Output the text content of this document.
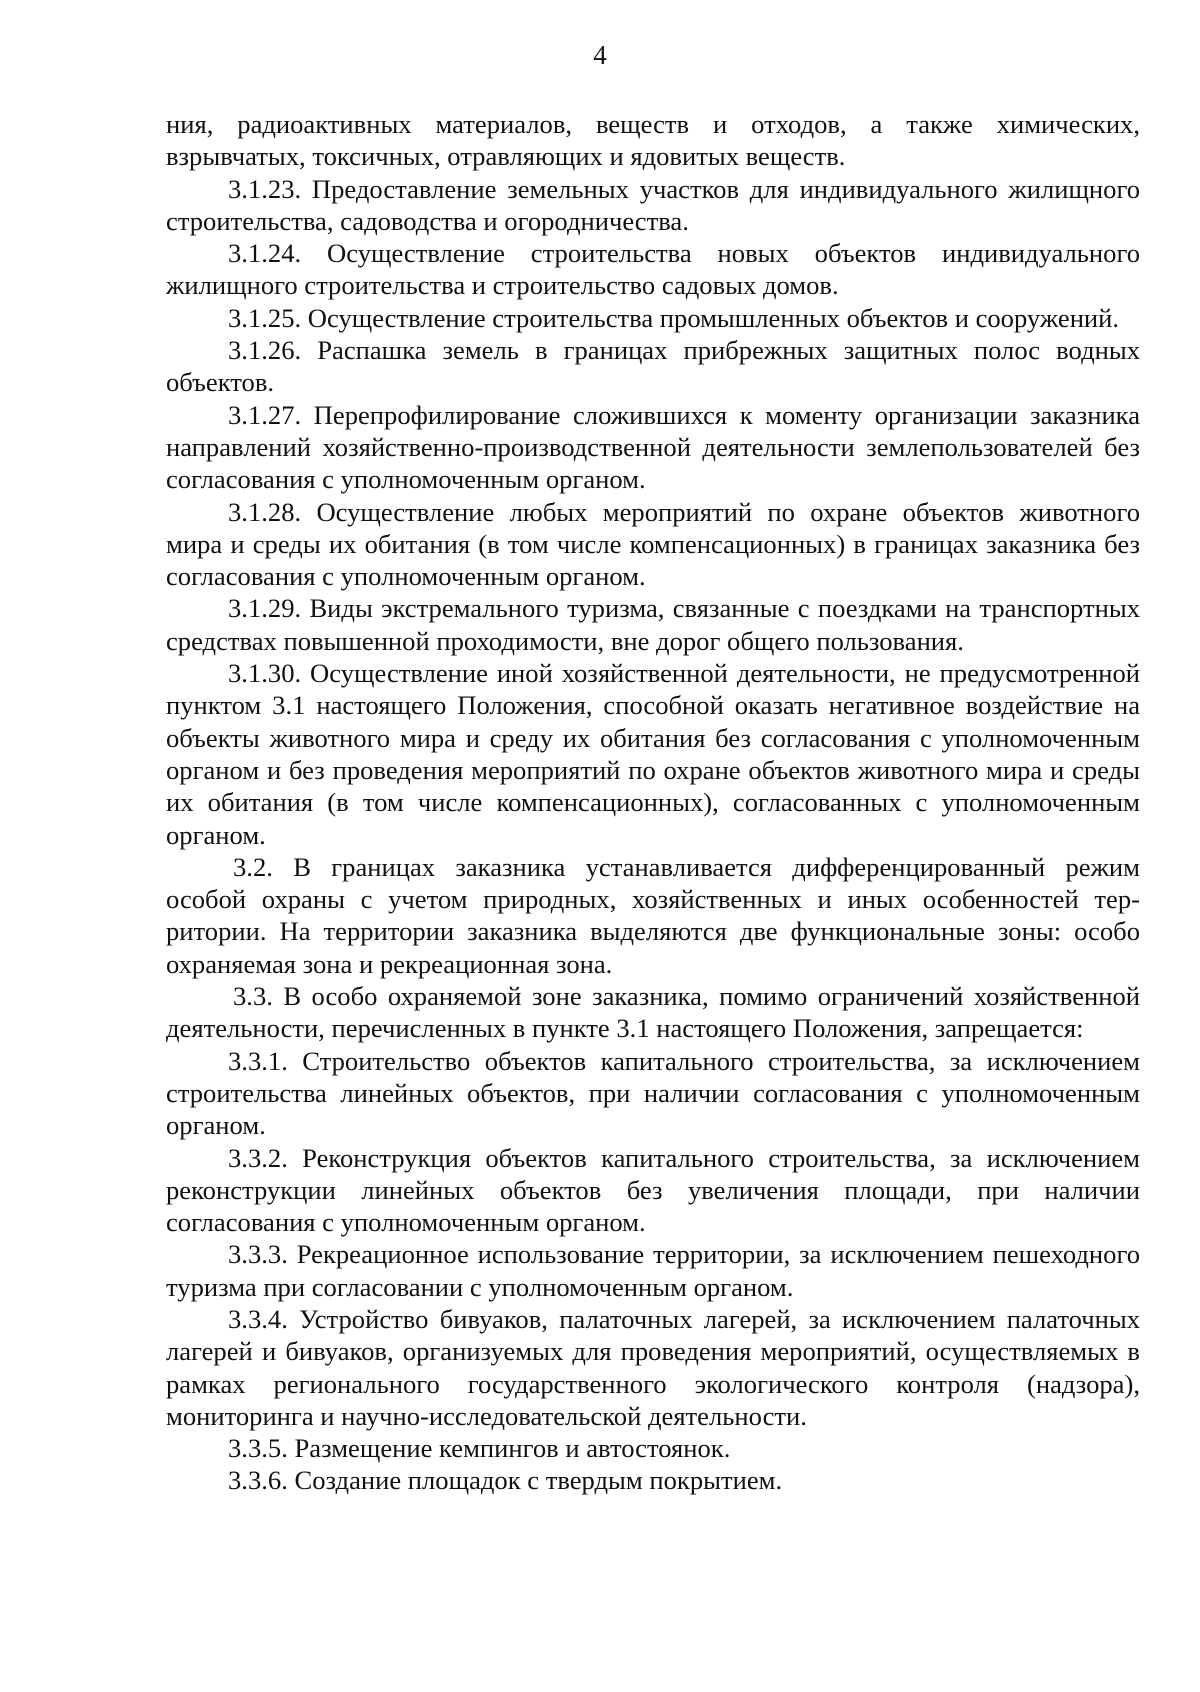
4

ния, радиоактивных материалов, веществ и отходов, а также химических, взрывчатых, токсичных, отравляющих и ядовитых веществ.

3.1.23. Предоставление земельных участков для индивидуального жилищного строительства, садоводства и огородничества.

3.1.24. Осуществление строительства новых объектов индивидуального жилищного строительства и строительство садовых домов.

3.1.25. Осуществление строительства промышленных объектов и сооружений.

3.1.26. Распашка земель в границах прибрежных защитных полос водных объектов.

3.1.27. Перепрофилирование сложившихся к моменту организации заказника направлений хозяйственно-производственной деятельности землепользователей без согласования с уполномоченным органом.

3.1.28. Осуществление любых мероприятий по охране объектов животного мира и среды их обитания (в том числе компенсационных) в границах заказника без согласования с уполномоченным органом.

3.1.29. Виды экстремального туризма, связанные с поездками на транспортных средствах повышенной проходимости, вне дорог общего пользования.

3.1.30. Осуществление иной хозяйственной деятельности, не предусмотренной пунктом 3.1 настоящего Положения, способной оказать негативное воздействие на объекты животного мира и среду их обитания без согласования с уполномоченным органом и без проведения мероприятий по охране объектов животного мира и среды их обитания (в том числе компенсационных), согласованных с уполномоченным органом.

3.2. В границах заказника устанавливается дифференцированный режим особой охраны с учетом природных, хозяйственных и иных особенностей территории. На территории заказника выделяются две функциональные зоны: особо охраняемая зона и рекреационная зона.

3.3. В особо охраняемой зоне заказника, помимо ограничений хозяйственной деятельности, перечисленных в пункте 3.1 настоящего Положения, запрещается:

3.3.1. Строительство объектов капитального строительства, за исключением строительства линейных объектов, при наличии согласования с уполномоченным органом.

3.3.2. Реконструкция объектов капитального строительства, за исключением реконструкции линейных объектов без увеличения площади, при наличии согласования с уполномоченным органом.

3.3.3. Рекреационное использование территории, за исключением пешеходного туризма при согласовании с уполномоченным органом.

3.3.4. Устройство бивуаков, палаточных лагерей, за исключением палаточных лагерей и бивуаков, организуемых для проведения мероприятий, осуществляемых в рамках регионального государственного экологического контроля (надзора), мониторинга и научно-исследовательской деятельности.

3.3.5. Размещение кемпингов и автостоянок.

3.3.6. Создание площадок с твердым покрытием.
